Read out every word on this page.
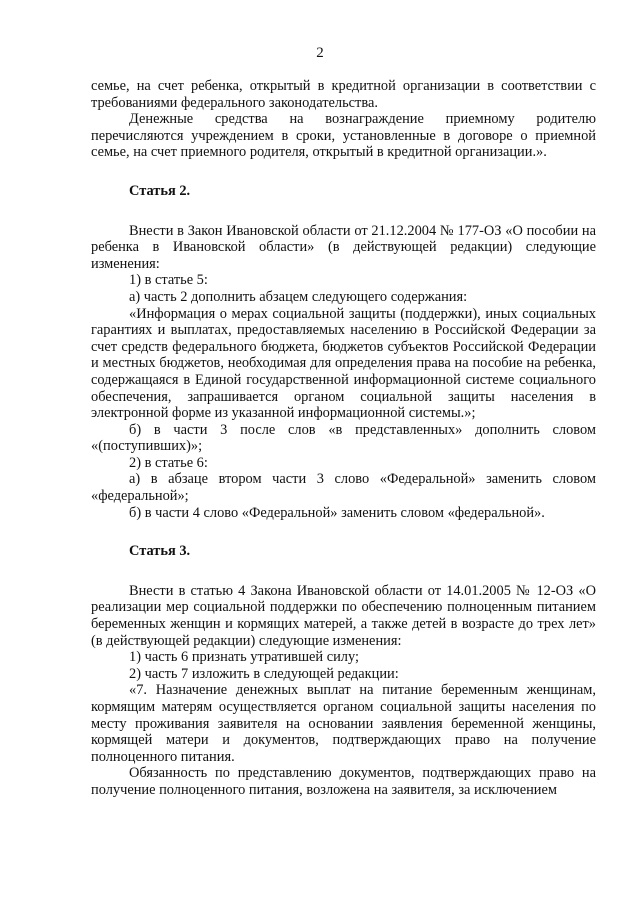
2

семье, на счет ребенка, открытый в кредитной организации в соответствии с требованиями федерального законодательства.

Денежные средства на вознаграждение приемному родителю перечисляются учреждением в сроки, установленные в договоре о приемной семье, на счет приемного родителя, открытый в кредитной организации.».

Статья 2.

Внести в Закон Ивановской области от 21.12.2004 № 177-ОЗ «О пособии на ребенка в Ивановской области» (в действующей редакции) следующие изменения:

1) в статье 5:

а) часть 2 дополнить абзацем следующего содержания:

«Информация о мерах социальной защиты (поддержки), иных социальных гарантиях и выплатах, предоставляемых населению в Российской Федерации за счет средств федерального бюджета, бюджетов субъектов Российской Федерации и местных бюджетов, необходимая для определения права на пособие на ребенка, содержащаяся в Единой государственной информационной системе социального обеспечения, запрашивается органом социальной защиты населения в электронной форме из указанной информационной системы.»;

б) в части 3 после слов «в представленных» дополнить словом «(поступивших)»;

2) в статье 6:

а) в абзаце втором части 3 слово «Федеральной» заменить словом «федеральной»;

б) в части 4 слово «Федеральной» заменить словом «федеральной».

Статья 3.

Внести в статью 4 Закона Ивановской области от 14.01.2005 № 12-ОЗ «О реализации мер социальной поддержки по обеспечению полноценным питанием беременных женщин и кормящих матерей, а также детей в возрасте до трех лет» (в действующей редакции) следующие изменения:

1) часть 6 признать утратившей силу;

2) часть 7 изложить в следующей редакции:

«7. Назначение денежных выплат на питание беременным женщинам, кормящим матерям осуществляется органом социальной защиты населения по месту проживания заявителя на основании заявления беременной женщины, кормящей матери и документов, подтверждающих право на получение полноценного питания.

Обязанность по представлению документов, подтверждающих право на получение полноценного питания, возложена на заявителя, за исключением
